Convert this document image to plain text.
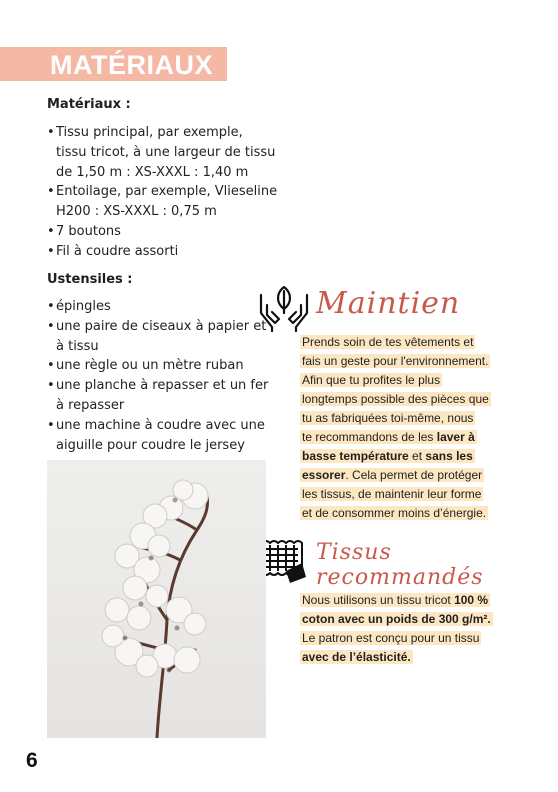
MATÉRIAUX
Matériaux :
• Tissu principal, par exemple,
tissu tricot, à une largeur de tissu
de 1,50 m : XS-XXXL : 1,40 m
• Entoilage, par exemple, Vlieseline
H200 : XS-XXXL : 0,75 m
• 7 boutons
• Fil à coudre assorti
Ustensiles :
• épingles
• une paire de ciseaux à papier et
à tissu
• une règle ou un mètre ruban
• une planche à repasser et un fer
à repasser
• une machine à coudre avec une
aiguille pour coudre le jersey
Maintien
Prends soin de tes vêtements et
fais un geste pour l'environnement.
Afin que tu profites le plus
longtemps possible des pièces que
tu as fabriquées toi-même, nous
te recommandons de les laver à
basse température et sans les
essorer. Cela permet de protéger
les tissus, de maintenir leur forme
et de consommer moins d’énergie.
Tissus recommandés
Nous utilisons un tissu tricot 100 %
coton avec un poids de 300 g/m².
Le patron est conçu pour un tissu
avec de l’élasticité.
6
